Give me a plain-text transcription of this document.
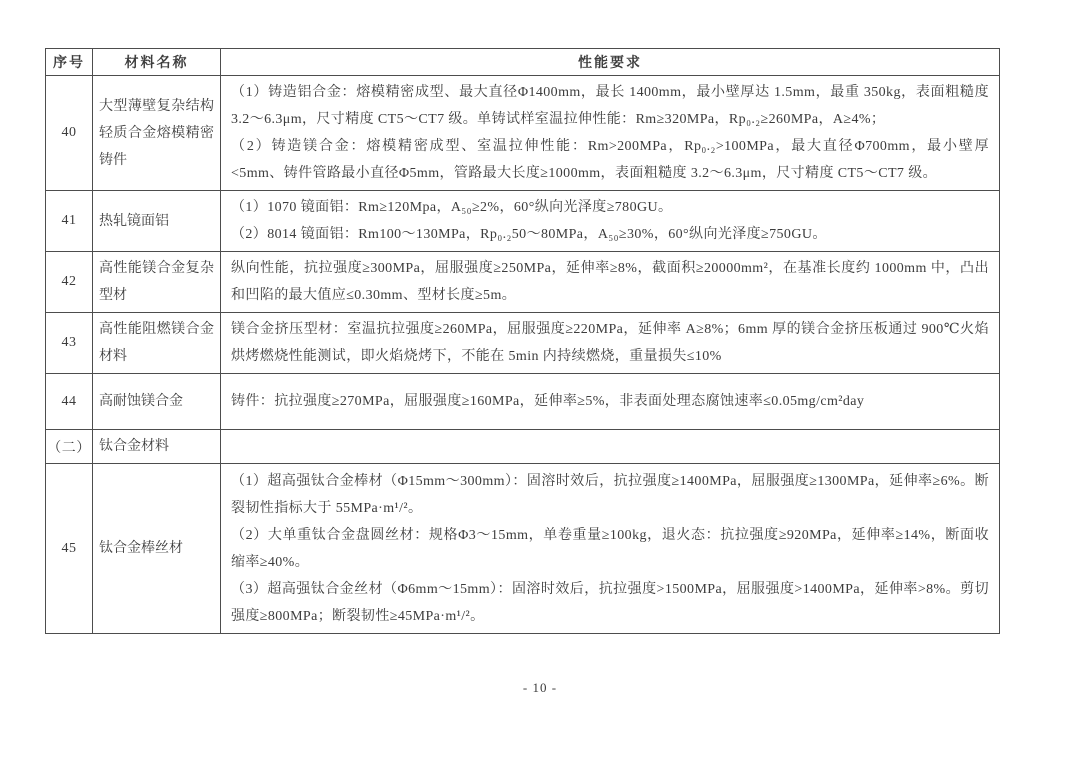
序号	材料名称	性能要求
40	大型薄壁复杂结构轻质合金熔模精密铸件	（1）铸造铝合金：熔模精密成型、最大直径Φ1400mm，最长 1400mm，最小壁厚达 1.5mm，最重 350kg，表面粗糙度 3.2～6.3μm，尺寸精度 CT5～CT7 级。单铸试样室温拉伸性能：Rm≥320MPa，Rp₀.₂≥260MPa，A≥4%；

（2）铸造镁合金：熔模精密成型、室温拉伸性能：Rm>200MPa，Rp₀.₂>100MPa，最大直径Φ700mm，最小壁厚<5mm、铸件管路最小直径Φ5mm，管路最大长度≥1000mm，表面粗糙度 3.2～6.3μm，尺寸精度 CT5～CT7 级。

41	热轧镜面铝	（1）1070 镜面铝：Rm≥120Mpa，A₅₀≥2%，60°纵向光泽度≥780GU。

（2）8014 镜面铝：Rm100～130MPa，Rp₀.₂50～80MPa，A₅₀≥30%，60°纵向光泽度≥750GU。

42	高性能镁合金复杂型材	纵向性能，抗拉强度≥300MPa，屈服强度≥250MPa，延伸率≥8%，截面积≥20000mm²，在基准长度约 1000mm 中，凸出和凹陷的最大值应≤0.30mm、型材长度≥5m。

43	高性能阻燃镁合金材料	镁合金挤压型材：室温抗拉强度≥260MPa，屈服强度≥220MPa，延伸率 A≥8%；6mm 厚的镁合金挤压板通过 900℃火焰烘烤燃烧性能测试，即火焰烧烤下，不能在 5min 内持续燃烧，重量损失≤10%

44	高耐蚀镁合金	铸件：抗拉强度≥270MPa，屈服强度≥160MPa，延伸率≥5%，非表面处理态腐蚀速率≤0.05mg/cm²day

（二）	钛合金材料	
45	钛合金棒丝材	（1）超高强钛合金棒材（Φ15mm～300mm）：固溶时效后，抗拉强度≥1400MPa，屈服强度≥1300MPa，延伸率≥6%。断裂韧性指标大于 55MPa·m¹/²。

（2）大单重钛合金盘圆丝材：规格Φ3～15mm，单卷重量≥100kg，退火态：抗拉强度≥920MPa，延伸率≥14%，断面收缩率≥40%。

（3）超高强钛合金丝材（Φ6mm～15mm）：固溶时效后，抗拉强度>1500MPa，屈服强度>1400MPa，延伸率>8%。剪切强度≥800MPa；断裂韧性≥45MPa·m¹/²。

- 10 -
